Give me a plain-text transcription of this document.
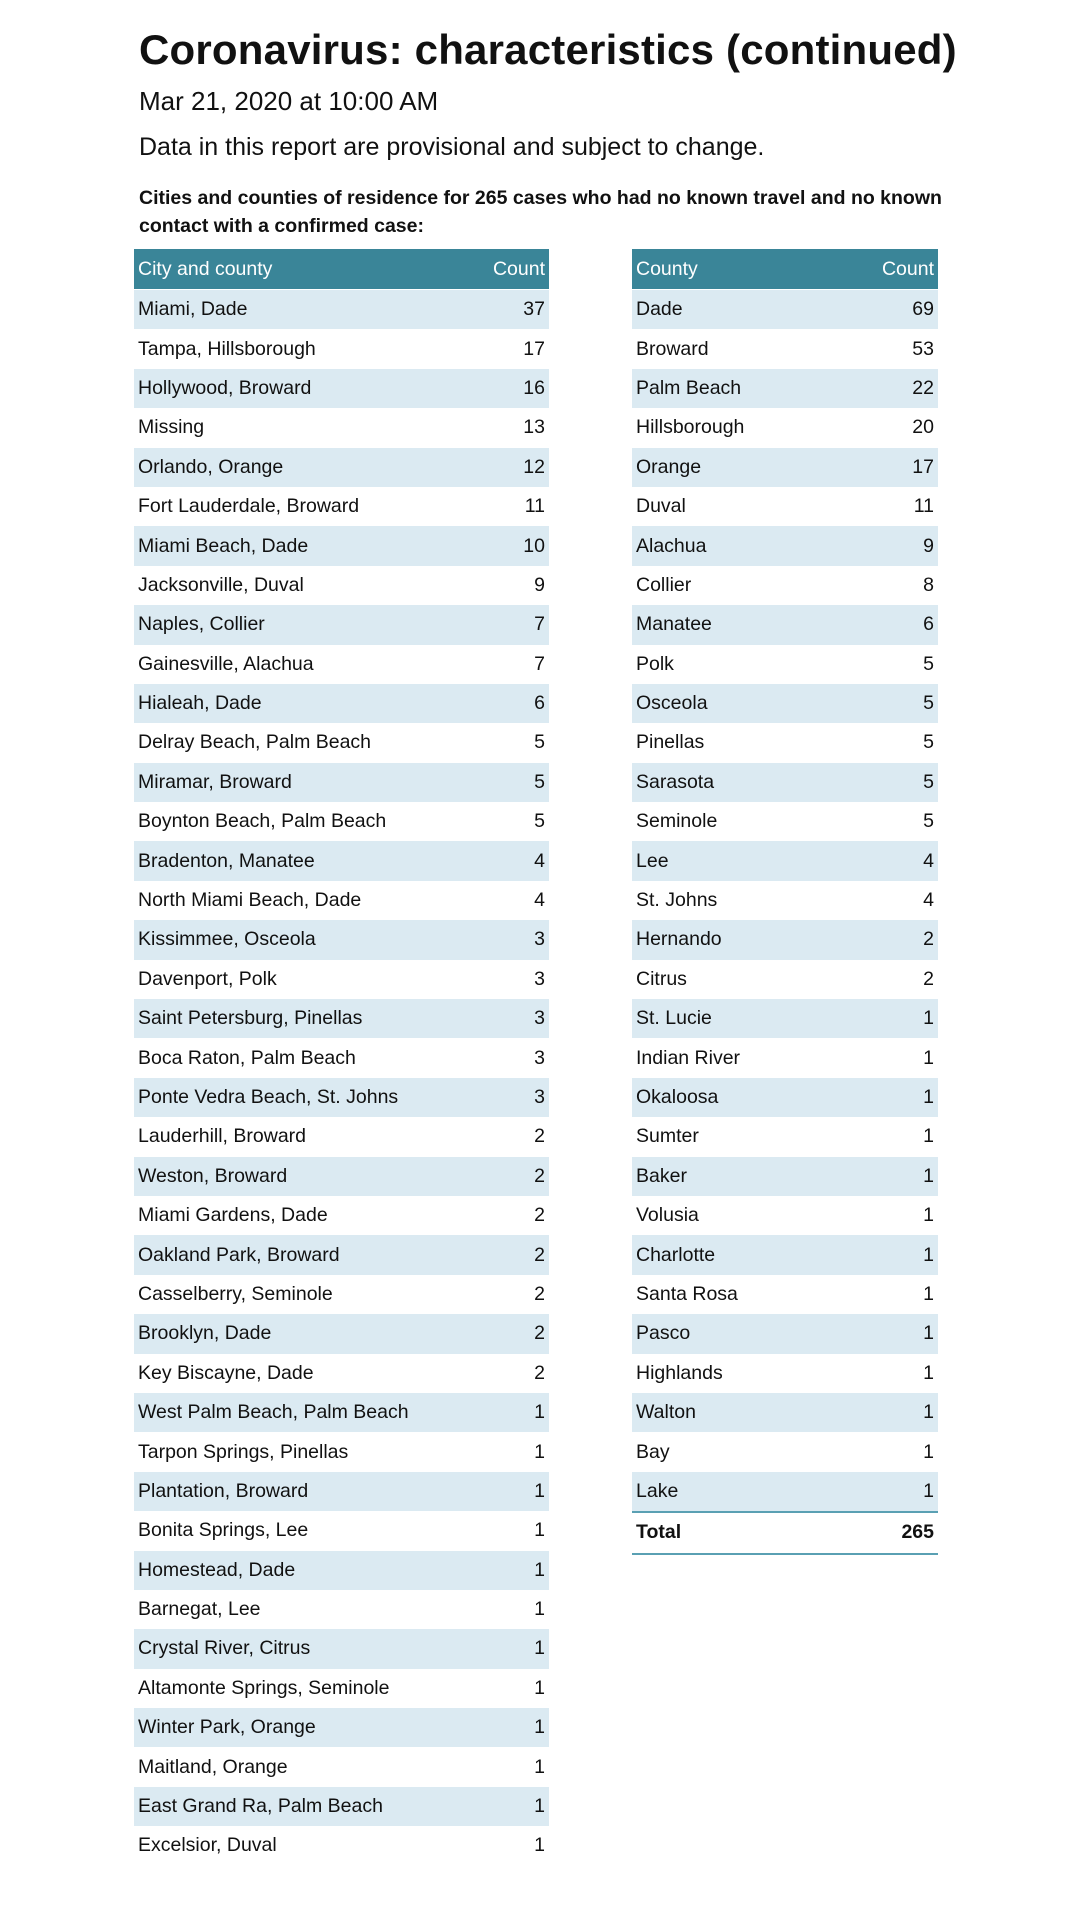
Coronavirus: characteristics (continued)
Mar 21, 2020 at 10:00 AM
Data in this report are provisional and subject to change.
Cities and counties of residence for 265 cases who had no known travel and no known contact with a confirmed case:
City and county	Count
Miami, Dade	37
Tampa, Hillsborough	17
Hollywood, Broward	16
Missing	13
Orlando, Orange	12
Fort Lauderdale, Broward	11
Miami Beach, Dade	10
Jacksonville, Duval	9
Naples, Collier	7
Gainesville, Alachua	7
Hialeah, Dade	6
Delray Beach, Palm Beach	5
Miramar, Broward	5
Boynton Beach, Palm Beach	5
Bradenton, Manatee	4
North Miami Beach, Dade	4
Kissimmee, Osceola	3
Davenport, Polk	3
Saint Petersburg, Pinellas	3
Boca Raton, Palm Beach	3
Ponte Vedra Beach, St. Johns	3
Lauderhill, Broward	2
Weston, Broward	2
Miami Gardens, Dade	2
Oakland Park, Broward	2
Casselberry, Seminole	2
Brooklyn, Dade	2
Key Biscayne, Dade	2
West Palm Beach, Palm Beach	1
Tarpon Springs, Pinellas	1
Plantation, Broward	1
Bonita Springs, Lee	1
Homestead, Dade	1
Barnegat, Lee	1
Crystal River, Citrus	1
Altamonte Springs, Seminole	1
Winter Park, Orange	1
Maitland, Orange	1
East Grand Ra, Palm Beach	1
Excelsior, Duval	1
County	Count
Dade	69
Broward	53
Palm Beach	22
Hillsborough	20
Orange	17
Duval	11
Alachua	9
Collier	8
Manatee	6
Polk	5
Osceola	5
Pinellas	5
Sarasota	5
Seminole	5
Lee	4
St. Johns	4
Hernando	2
Citrus	2
St. Lucie	1
Indian River	1
Okaloosa	1
Sumter	1
Baker	1
Volusia	1
Charlotte	1
Santa Rosa	1
Pasco	1
Highlands	1
Walton	1
Bay	1
Lake	1
Total	265
